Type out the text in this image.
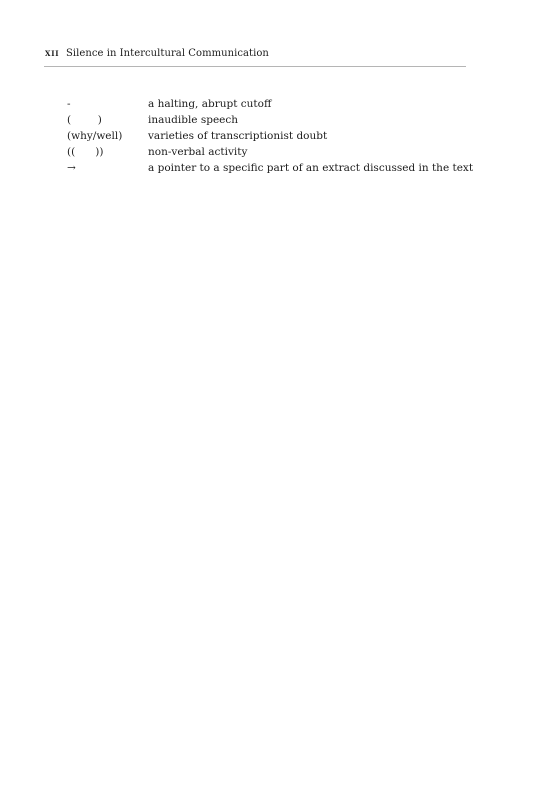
xii Silence in Intercultural Communication
-	a halting, abrupt cutoff
(        )	inaudible speech
(why/well)	varieties of transcriptionist doubt
((      ))	non-verbal activity
→	a pointer to a specific part of an extract discussed in the text
